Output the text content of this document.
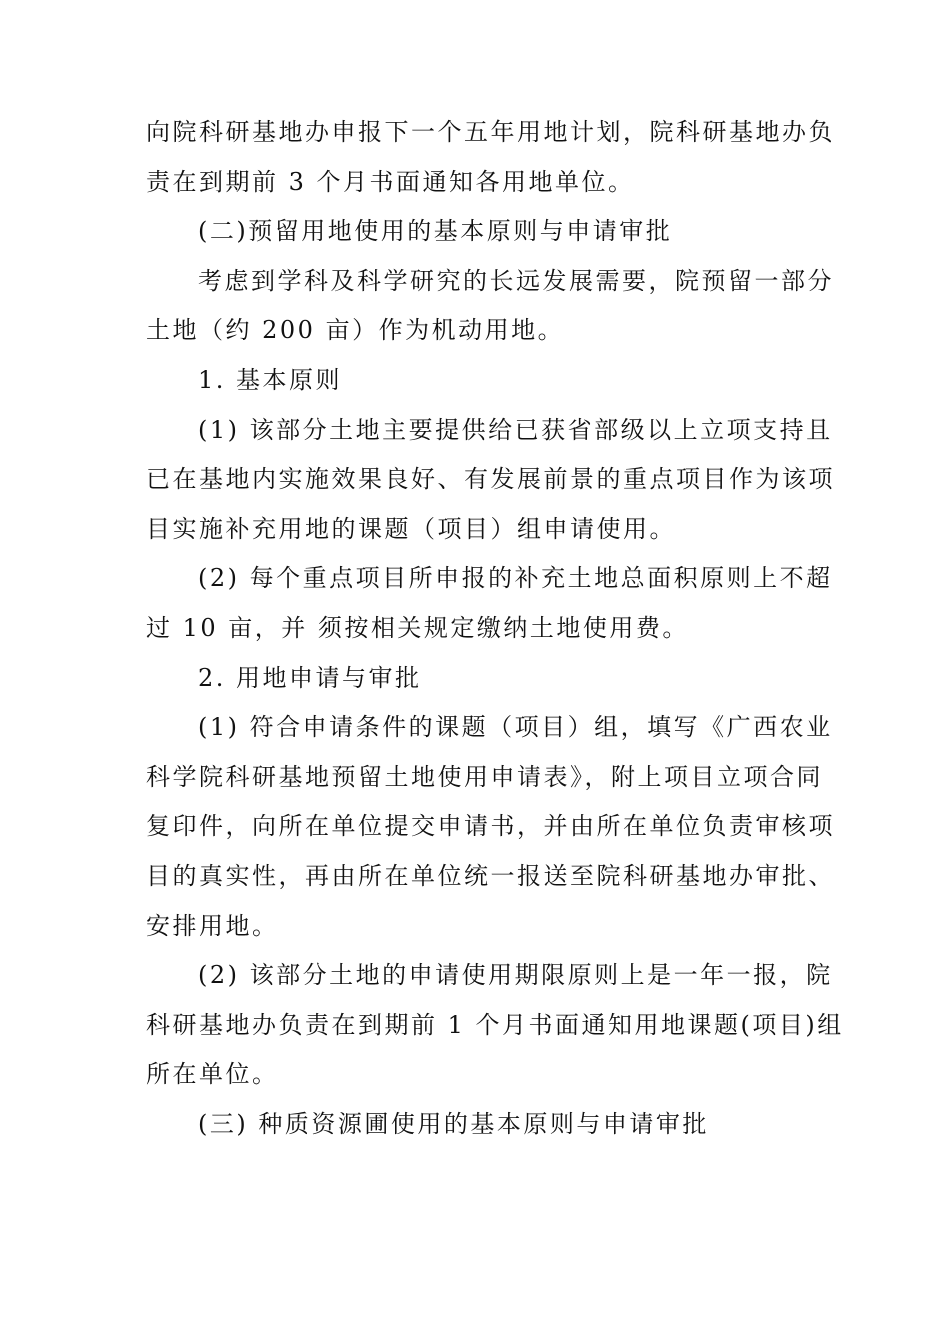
向院科研基地办申报下一个五年用地计划，院科研基地办负
责在到期前 3 个月书面通知各用地单位。
(二)预留用地使用的基本原则与申请审批
考虑到学科及科学研究的长远发展需要，院预留一部分
土地（约 200 亩）作为机动用地。
1. 基本原则
(1) 该部分土地主要提供给已获省部级以上立项支持且
已在基地内实施效果良好、有发展前景的重点项目作为该项
目实施补充用地的课题（项目）组申请使用。
(2) 每个重点项目所申报的补充土地总面积原则上不超
过 10 亩，并 须按相关规定缴纳土地使用费。
2. 用地申请与审批
(1) 符合申请条件的课题（项目）组，填写《广西农业
科学院科研基地预留土地使用申请表》，附上项目立项合同
复印件，向所在单位提交申请书，并由所在单位负责审核项
目的真实性，再由所在单位统一报送至院科研基地办审批、
安排用地。
(2) 该部分土地的申请使用期限原则上是一年一报，院
科研基地办负责在到期前 1 个月书面通知用地课题(项目)组
所在单位。
(三) 种质资源圃使用的基本原则与申请审批
